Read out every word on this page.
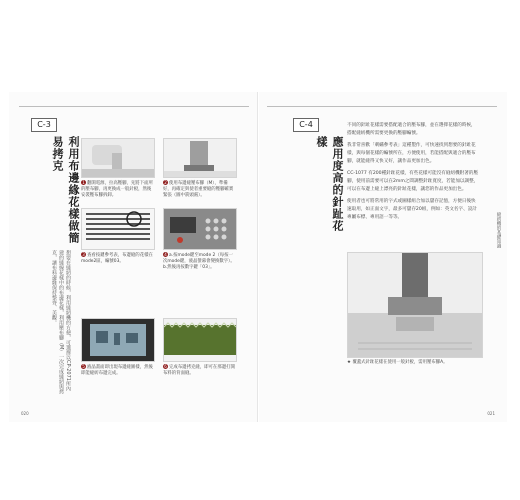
C-3
利用布邊緣花樣做簡易拷克
想要在縫紉的時候，利用縫紉機的方便，可選擇以CP-2071所內建的縫線花樣中的布邊花樣，利用壓布腳（M）一次完成縫紉與拷克，讓布料邊緣保持整齊、美觀。
1 翻開電源，拉高壓腳，先將下面所的壓布腳，再更換成一般針板，然後安裝壓布腳拆卸。
2 使用布邊縫壓布腳（M），準備好，再確定與使者重要縫的壓腳確實緊張（圖中箭頭處）。
3 查看按鍵參考表，布邊縫的花樣在mode2區，編號03。
4 a.按mode鍵至mode 2（每按一次mode鍵，液晶螢幕會變換數字）。b.然後再按數字鍵「03」。
5 液晶畫面即出現布邊縫圖樣，然後即能縫紉布邊完成。
6 完成布邊拷克縫，即可在那邊打開布料的背面縫。
020
C-4
應用度高的針趾花樣

不同的針趾花樣需要搭配適合的壓布腳，並在選擇花樣的時候，搭配縫紉機所需要更換的壓腳編號。

我非常喜歡「刺繡參考表」這種製作，可快速找到想要的針趾花樣，與每個花樣的編號所在，方便使用，若能搭配與適合的壓布腳，就能縫得又快又好，讓作品更加出色。

CC-1077 有200種針趾花樣，有些花樣可能沒有縫紉機附著的壓腳，使用前需要可以在2mm之間調整針趾寬度，若能加以調整，可以在布邊上縫上漂亮的針趾花樣，讓您的作品更加出色。

使用者也可將常用的字式或圖樣組合加以儲存記憶，方便日後快速取用，如正面文字，最多可儲存20組，例如：英文名字、設計專屬布標、專用語一等等。

★ 覆蓋式針趾花樣在使用一般針板，需用壓布腳A。
縫紉機的基礎知識
021
